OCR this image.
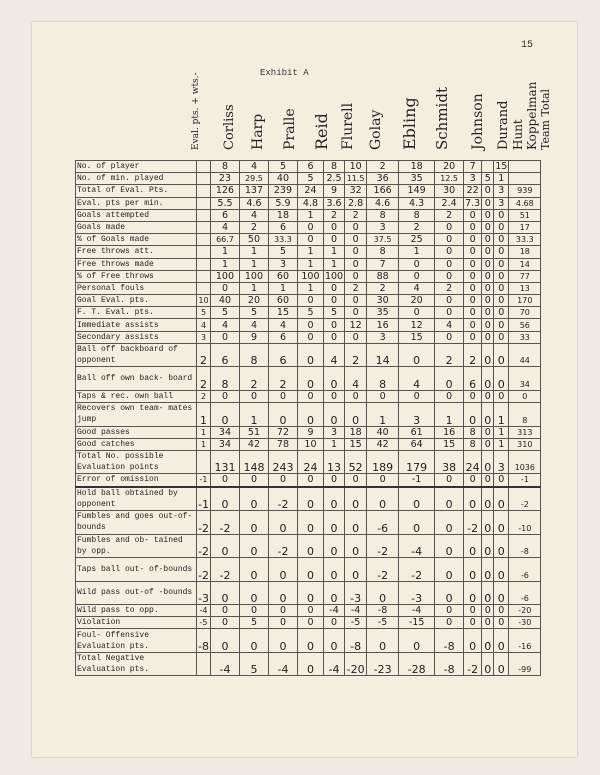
15
Exhibit A
Eval. pts. + wts.- Corliss Harp Pralle Reid Flurell Golay Ebling Schmidt Johnson Durand Hunt Koppelman Team Total
No. of player		8	4	5	6	8	10	2	18	20	7		15	
No. of min. played		23	29.5	40	5	2.5	11.5	36	35	12.5	3	5	1	
Total of Eval. Pts.		126	137	239	24	9	32	166	149	30	22	0	3	939
Eval. pts per min.		5.5	4.6	5.9	4.8	3.6	2.8	4.6	4.3	2.4	7.3	0	3	4.68
Goals attempted		6	4	18	1	2	2	8	8	2	0	0	0	51
Goals made		4	2	6	0	0	0	3	2	0	0	0	0	17
% of Goals made		66.7	50	33.3	0	0	0	37.5	25	0	0	0	0	33.3
Free throws att.		1	1	5	1	1	0	8	1	0	0	0	0	18
Free throws made		1	1	3	1	1	0	7	0	0	0	0	0	14
% of Free throws		100	100	60	100	100	0	88	0	0	0	0	0	77
Personal fouls		0	1	1	1	0	2	2	4	2	0	0	0	13
Goal Eval. pts.	10	40	20	60	0	0	0	30	20	0	0	0	0	170
F. T. Eval. pts.	5	5	5	15	5	5	0	35	0	0	0	0	0	70
Immediate assists	4	4	4	4	0	0	12	16	12	4	0	0	0	56
Secondary assists	3	0	9	6	0	0	0	3	15	0	0	0	0	33
Ball off backboard of opponent	2	6	8	6	0	4	2	14	0	2	2	0	0	44
Ball off own back- board	2	8	2	2	0	0	4	8	4	0	6	0	0	34
Taps & rec. own ball	2	0	0	0	0	0	0	0	0	0	0	0	0	0
Recovers own team- mates jump	1	0	1	0	0	0	0	1	3	1	0	0	1	8
Good passes	1	34	51	72	9	3	18	40	61	16	8	0	1	313
Good catches	1	34	42	78	10	1	15	42	64	15	8	0	1	310
Total No. possible Evaluation points		131	148	243	24	13	52	189	179	38	24	0	3	1036
Error of omission	-1	0	0	0	0	0	0	0	-1	0	0	0	0	-1
Hold ball obtained by opponent	-1	0	0	-2	0	0	0	0	0	0	0	0	0	-2
Fumbles and goes out-of-bounds	-2	-2	0	0	0	0	0	-6	0	0	-2	0	0	-10
Fumbles and ob- tained by opp.	-2	0	0	-2	0	0	0	-2	-4	0	0	0	0	-8
Taps ball out- of-bounds	-2	-2	0	0	0	0	0	-2	-2	0	0	0	0	-6
Wild pass out-of -bounds	-3	0	0	0	0	0	-3	0	-3	0	0	0	0	-6
Wild pass to opp.	-4	0	0	0	0	-4	-4	-8	-4	0	0	0	0	-20
Violation	-5	0	5	0	0	0	-5	-5	-15	0	0	0	0	-30
Foul- Offensive Evaluation pts.	-8	0	0	0	0	0	-8	0	0	-8	0	0	0	-16
Total Negative Evaluation pts.		-4	5	-4	0	-4	-20	-23	-28	-8	-2	0	0	-99
